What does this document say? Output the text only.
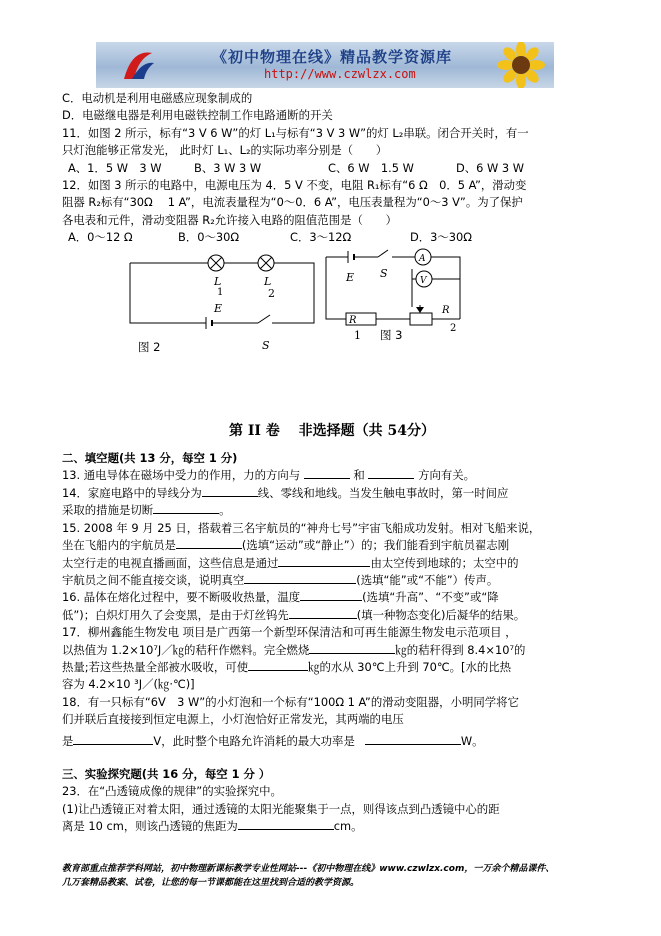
《初中物理在线》精品教学资源库
http://www.czwlzx.com
C．电动机是利用电磁感应现象制成的
D．电磁继电器是利用电磁铁控制工作电路通断的开关
11．如图 2 所示，标有“3 V 6 W”的灯 L₁与标有“3 V 3 W”的灯 L₂串联。闭合开关时，有一
只灯泡能够正常发光， 此时灯 L₁、L₂的实际功率分别是（　　）
A、1．5 W　3 W	B、3 W 3 W	C、6 W　1.5 W	D、6 W 3 W
12．如图 3 所示的电路中，电源电压为 4．5 V 不变，电阻 R₁标有“6 Ω　0．5 A”，滑动变
阻器 R₂标有“30Ω　 1 A”，电流表量程为“0～0．6 A”，电压表量程为“0～3 V”。为了保护
各电表和元件，滑动变阻器 R₂允许接入电路的阻值范围是（　　）
A．0～12 Ω	B．0～30Ω	C．3～12Ω	D．3～30Ω
L
1
L
2
E
S
图 2
A
V
E S
R
1
R
2
图 3
第 II 卷　 非选择题（共 54分）
二、填空题(共 13 分，每空 1 分)
13. 通电导体在磁场中受力的作用，力的方向与	和	方向有关。
14．家庭电路中的导线分为	线、零线和地线。当发生触电事故时，第一时间应
采取的措施是切断	。
15. 2008 年 9 月 25 日，搭载着三名宇航员的“神舟七号”宇宙飞船成功发射。相对飞船来说，
坐在飞船内的宇航员是	(选填“运动”或“静止”）的；我们能看到宇航员翟志刚
太空行走的电视直播画面，这些信息是通过	由太空传到地球的；太空中的
宇航员之间不能直接交谈，说明真空	(选填“能”或“不能”）传声。
16. 晶体在熔化过程中，要不断吸收热量，温度	(选填“升高”、“不变”或“降
低”)；白炽灯用久了会变黑，是由于灯丝钨先	(填一种物态变化)后凝华的结果。
17．柳州鑫能生物发电 项目是广西第一个新型环保清洁和可再生能源生物发电示范项目 ，
以热值为 1.2×10⁷J／㎏的秸秆作燃料。完全燃烧	㎏的秸秆得到 8.4×10⁷的
热量;若这些热量全部被水吸收，可使	㎏的水从 30℃上升到 70℃。[水的比热
容为 4.2×10 ³J／(㎏·℃)]
18．有一只标有“6V　3 W”的小灯泡和一个标有“100Ω 1 A”的滑动变阻器，小明同学将它
们并联后直接接到恒定电源上，小灯泡恰好正常发光，其两端的电压
是	V，此时整个电路允许消耗的最大功率是	W。
三、实验探究题(共 16 分，每空 1 分 ）
23．在“凸透镜成像的规律”的实验探究中。
(1)让凸透镜正对着太阳，通过透镜的太阳光能聚集于一点，则得该点到凸透镜中心的距
离是 10 cm，则该凸透镜的焦距为	cm。
教育部重点推荐学科网站，初中物理新课标教学专业性网站---《初中物理在线》www.czwlzx.com，一万余个精品课件、
几万套精品教案、试卷，让您的每一节课都能在这里找到合适的教学资源。
